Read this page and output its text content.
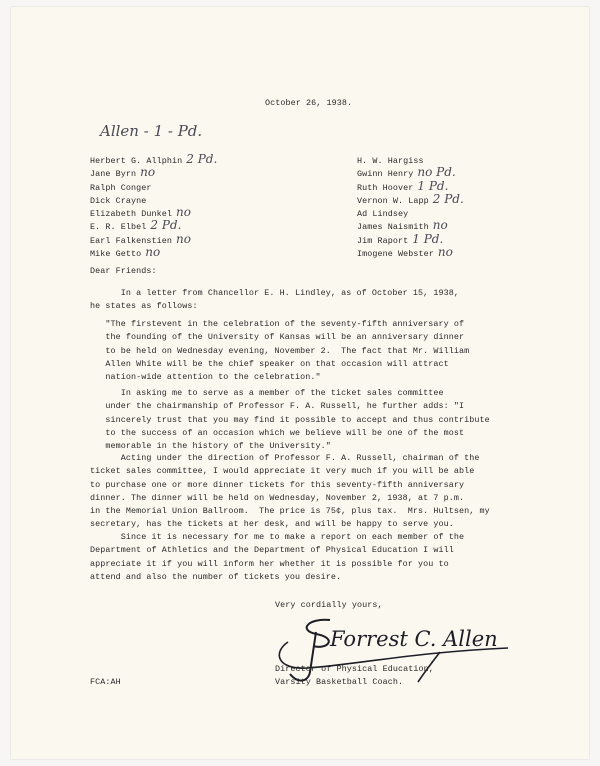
October 26, 1938.
Allen - 1 - Pd.
Herbert G. Allphin 2 Pd.
Jane Byrn no
Ralph Conger
Dick Crayne
Elizabeth Dunkel no
E. R. Elbel 2 Pd.
Earl Falkenstien no
Mike Getto no
H. W. Hargiss
Gwinn Henry no Pd.
Ruth Hoover 1 Pd.
Vernon W. Lapp 2 Pd.
Ad Lindsey
James Naismith no
Jim Raport 1 Pd.
Imogene Webster no
Dear Friends:
In a letter from Chancellor E. H. Lindley, as of October 15, 1938,
he states as follows:
"The firstevent in the celebration of the seventy-fifth anniversary of
the founding of the University of Kansas will be an anniversary dinner
to be held on Wednesday evening, November 2.  The fact that Mr. William
Allen White will be the chief speaker on that occasion will attract
nation-wide attention to the celebration."
In asking me to serve as a member of the ticket sales committee
under the chairmanship of Professor F. A. Russell, he further adds: "I
sincerely trust that you may find it possible to accept and thus contribute
to the success of an occasion which we believe will be one of the most
memorable in the history of the University."
Acting under the direction of Professor F. A. Russell, chairman of the
ticket sales committee, I would appreciate it very much if you will be able
to purchase one or more dinner tickets for this seventy-fifth anniversary
dinner. The dinner will be held on Wednesday, November 2, 1938, at 7 p.m.
in the Memorial Union Ballroom.  The price is 75¢, plus tax.  Mrs. Hultsen, my
secretary, has the tickets at her desk, and will be happy to serve you.
Since it is necessary for me to make a report on each member of the
Department of Athletics and the Department of Physical Education I will
appreciate it if you will inform her whether it is possible for you to
attend and also the number of tickets you desire.
Very cordially yours,
Forrest C. Allen
Director of Physical Education,
Varsity Basketball Coach.
FCA:AH
